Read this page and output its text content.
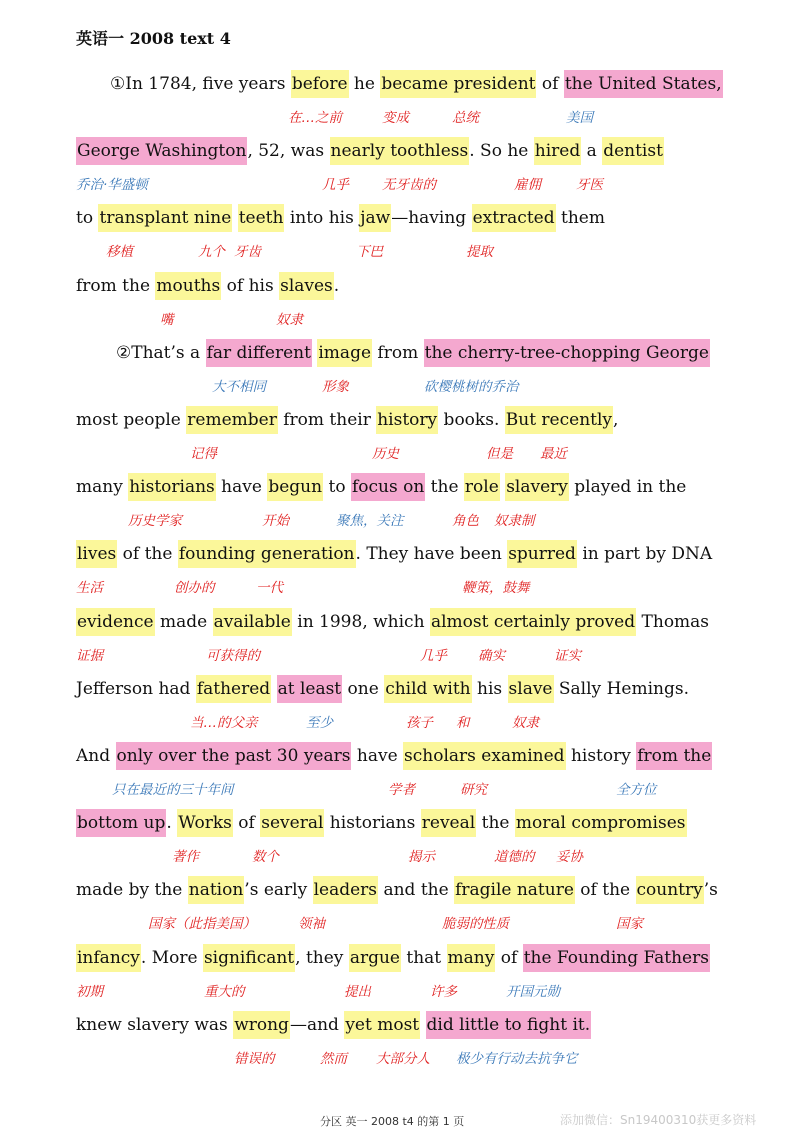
英语一 2008 text 4
①In 1784, five years before he became president of the United States,
George Washington, 52, was nearly toothless. So he hired a dentist
to transplant nine teeth into his jaw—having extracted them
from the mouths of his slaves.
②That’s a far different image from the cherry-tree-chopping George
most people remember from their history books. But recently,
many historians have begun to focus on the role slavery played in the
lives of the founding generation. They have been spurred in part by DNA
evidence made available in 1998, which almost certainly proved Thomas
Jefferson had fathered at least one child with his slave Sally Hemings.
And only over the past 30 years have scholars examined history from the
bottom up. Works of several historians reveal the moral compromises
made by the nation’s early leaders and the fragile nature of the country’s
infancy. More significant, they argue that many of the Founding Fathers
knew slavery was wrong—and yet most did little to fight it.
在…之前	变成	总统	美国
乔治·华盛顿	几乎 无牙齿的	雇佣	牙医
移植	九个 牙齿	下巴	提取
嘴	奴隶
大不相同	形象	砍樱桃树的乔治
记得	历史	但是 最近
历史学家	开始	聚焦，关注	角色 奴隶制
生活	创办的	一代	鞭策，鼓舞
证据	可获得的	几乎 确实	证实
当…的父亲	至少	孩子 和	奴隶
只在最近的三十年间	学者	研究	全方位
著作	数个	揭示	道德的 妥协
国家（此指美国）	领袖	脆弱的 性质	国家
初期	重大的	提出	许多	开国元勋
错误的	然而 大部分人 极少有行动去抗争它
分区 英一 2008 t4 的第 1 页	添加微信：Sn19400310获更多资料
